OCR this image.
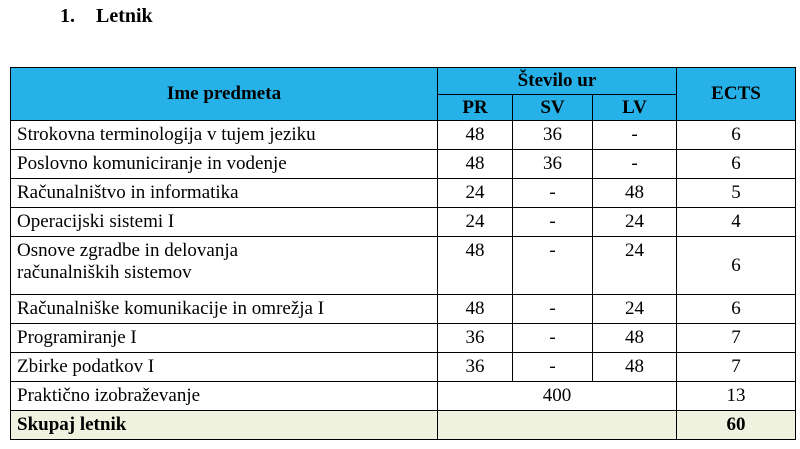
1. Letnik
Ime predmeta	Število ur			ECTS
	PR	SV	LV	
Strokovna terminologija v tujem jeziku	48	36	-	6
Poslovno komuniciranje in vodenje	48	36	-	6
Računalništvo in informatika	24	-	48	5
Operacijski sistemi I	24	-	24	4
Osnove zgradbe in delovanja
računalniških sistemov	48	-	24	6
Računalniške komunikacije in omrežja I	48	-	24	6
Programiranje I	36	-	48	7
Zbirke podatkov I	36	-	48	7
Praktično izobraževanje	400			13
Skupaj letnik				60
